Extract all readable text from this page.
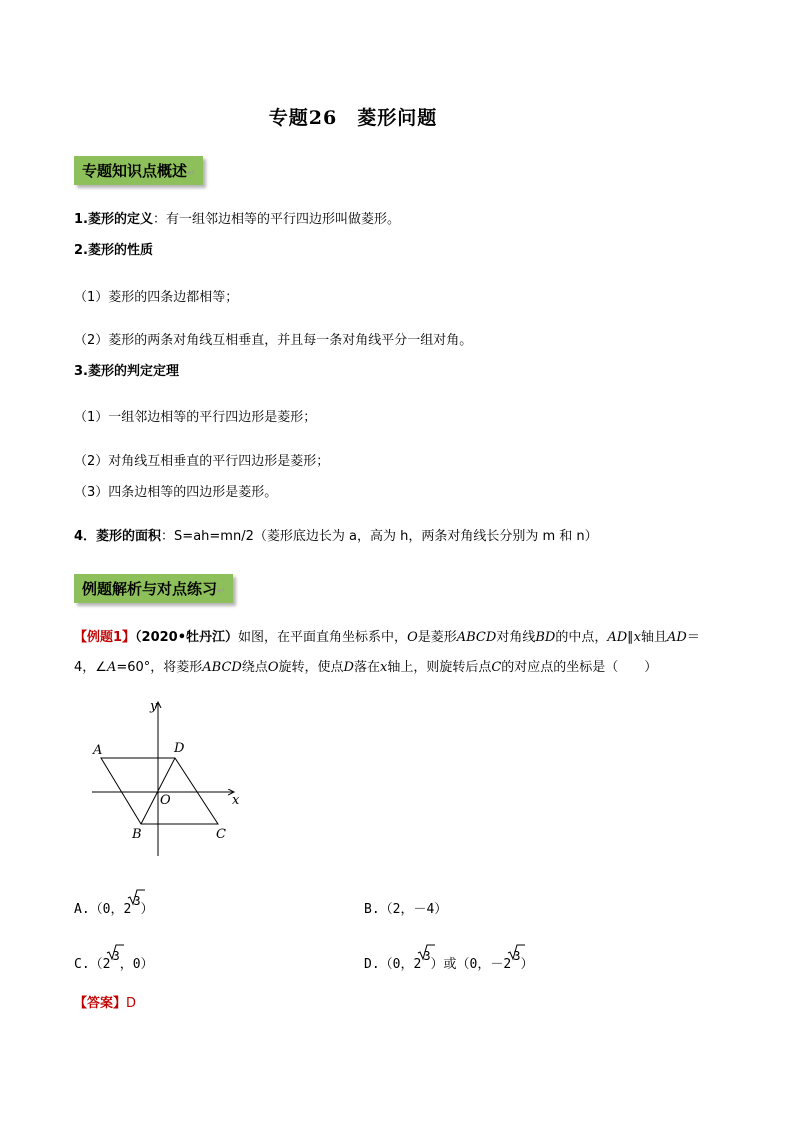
专题26　菱形问题
专题知识点概述↵
1.菱形的定义：有一组邻边相等的平行四边形叫做菱形。
2.菱形的性质
（1）菱形的四条边都相等；
（2）菱形的两条对角线互相垂直，并且每一条对角线平分一组对角。
3.菱形的判定定理
（1）一组邻边相等的平行四边形是菱形；
（2）对角线互相垂直的平行四边形是菱形；
（3）四条边相等的四边形是菱形。
4．菱形的面积：S=ah=mn/2（菱形底边长为 a，高为 h，两条对角线长分别为 m 和 n）
例题解析与对点练习↵
【例题1】（2020•牡丹江）如图，在平面直角坐标系中，O是菱形ABCD对角线BD的中点，AD∥x轴且AD＝
4，∠A=60°，将菱形ABCD绕点O旋转，使点D落在x轴上，则旋转后点C的对应点的坐标是（　　）
y
x
A	D
O
B	C
A.（0，2
3）	B.（2，－4）
C.（2
3，0）	D.（0，2
3）或（0，－2
3）
【答案】D
